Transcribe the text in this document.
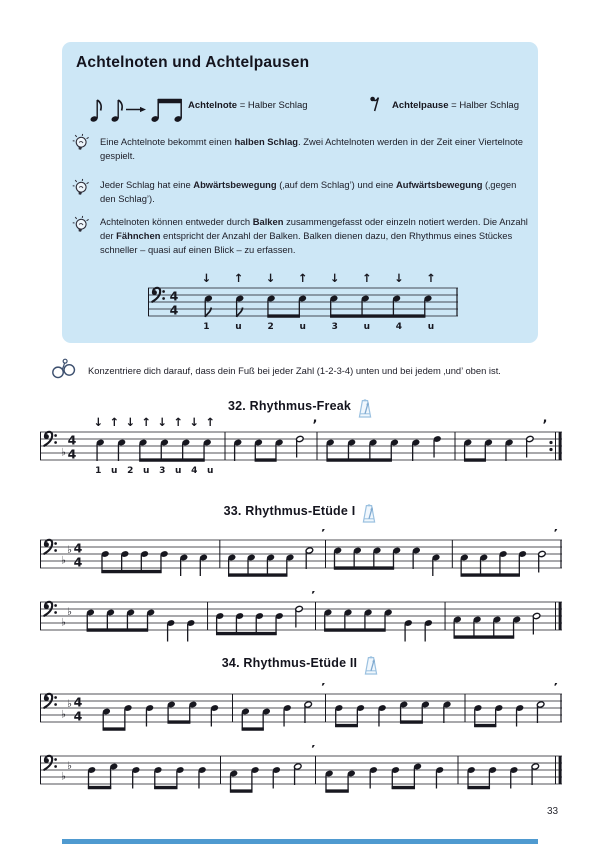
Achtelnoten und Achtelpausen
Achtelnote = Halber Schlag	Achtelpause = Halber Schlag
Eine Achtelnote bekommt einen halben Schlag. Zwei Achtelnoten werden in der Zeit einer Viertelnote gespielt.
Jeder Schlag hat eine Abwärtsbewegung (‚auf dem Schlag’) und eine Aufwärtsbewegung (‚gegen den Schlag’).
Achtelnoten können entweder durch Balken zusammengefasst oder einzeln notiert werden. Die Anzahl der Fähnchen entspricht der Anzahl der Balken. Balken dienen dazu, den Rhythmus eines Stückes schneller – quasi auf einen Blick – zu erfassen.
4
4
↓ ↑ ↓ ↑ ↓ ↑ ↓ ↑
1	u	2	u	3	u	4	u
Konzentriere dich darauf, dass dein Fuß bei jeder Zahl (1-2-3-4) unten und bei jedem ‚und’ oben ist.
32. Rhythmus-Freak
♭
4
4
’	’
↓ ↑ ↓ ↑ ↓ ↑ ↓ ↑
1 u 2 u 3 u 4 u
33. Rhythmus-Etüde I
♭
♭ 4
4
’	’
♭
♭
’
34. Rhythmus-Etüde II
♭
♭ 4
4
’	’
♭
♭
’
33
